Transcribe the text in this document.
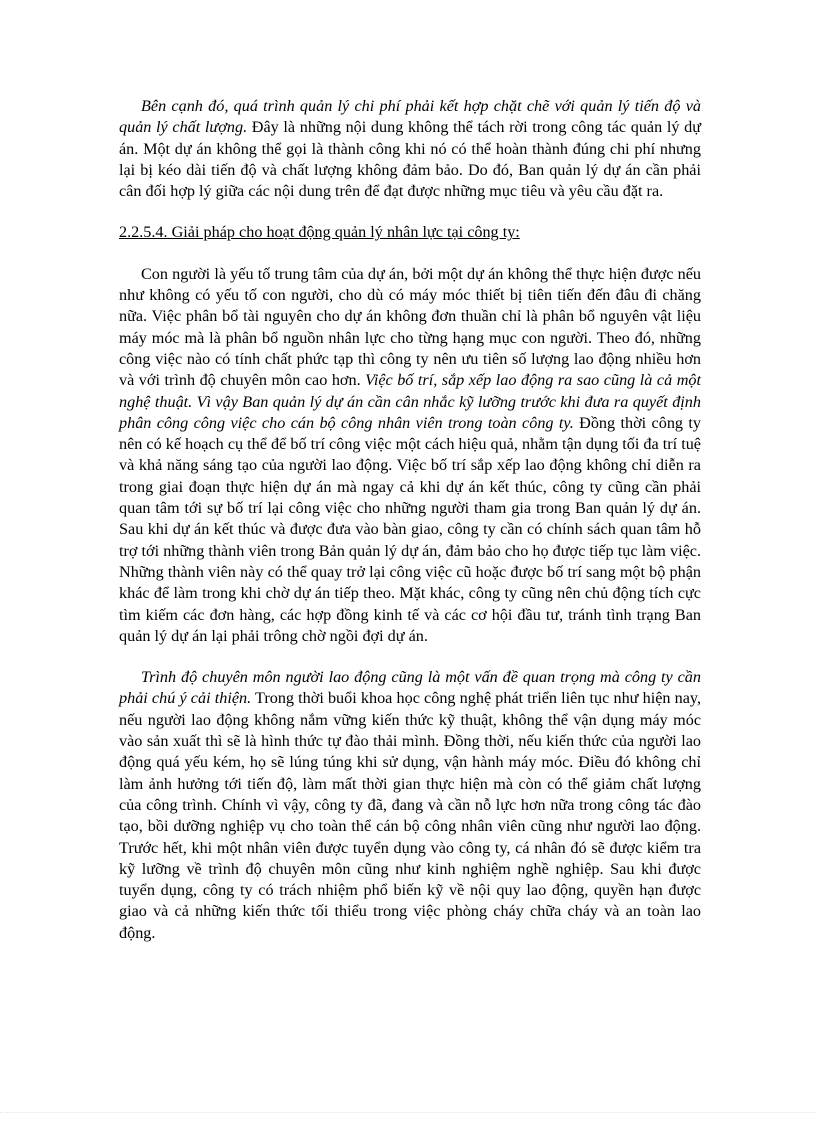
Bên cạnh đó, quá trình quản lý chi phí phải kết hợp chặt chẽ với quản lý tiến độ và quản lý chất lượng. Đây là những nội dung không thể tách rời trong công tác quản lý dự án. Một dự án không thể gọi là thành công khi nó có thể hoàn thành đúng chi phí nhưng lại bị kéo dài tiến độ và chất lượng không đảm bảo. Do đó, Ban quản lý dự án cần phải cân đối hợp lý giữa các nội dung trên để đạt được những mục tiêu và yêu cầu đặt ra.

2.2.5.4. Giải pháp cho hoạt động quản lý nhân lực tại công ty:

Con người là yếu tố trung tâm của dự án, bởi một dự án không thể thực hiện được nếu như không có yếu tố con người, cho dù có máy móc thiết bị tiên tiến đến đâu đi chăng nữa. Việc phân bổ tài nguyên cho dự án không đơn thuần chỉ là phân bổ nguyên vật liệu máy móc mà là phân bổ nguồn nhân lực cho từng hạng mục con người. Theo đó, những công việc nào có tính chất phức tạp thì công ty nên ưu tiên số lượng lao động nhiều hơn và với trình độ chuyên môn cao hơn. Việc bố trí, sắp xếp lao động ra sao cũng là cả một nghệ thuật. Vì vậy Ban quản lý dự án cần cân nhắc kỹ lưỡng trước khi đưa ra quyết định phân công công việc cho cán bộ công nhân viên trong toàn công ty. Đồng thời công ty nên có kế hoạch cụ thể để bố trí công việc một cách hiệu quả, nhằm tận dụng tối đa trí tuệ và khả năng sáng tạo của người lao động. Việc bố trí sắp xếp lao động không chỉ diễn ra trong giai đoạn thực hiện dự án mà ngay cả khi dự án kết thúc, công ty cũng cần phải quan tâm tới sự bố trí lại công việc cho những người tham gia trong Ban quản lý dự án. Sau khi dự án kết thúc và được đưa vào bàn giao, công ty cần có chính sách quan tâm hỗ trợ tới những thành viên trong Bản quản lý dự án, đảm bảo cho họ được tiếp tục làm việc. Những thành viên này có thể quay trở lại công việc cũ hoặc được bố trí sang một bộ phận khác để làm trong khi chờ dự án tiếp theo. Mặt khác, công ty cũng nên chủ động tích cực tìm kiếm các đơn hàng, các hợp đồng kinh tế và các cơ hội đầu tư, tránh tình trạng Ban quản lý dự án lại phải trông chờ ngồi đợi dự án.

Trình độ chuyên môn người lao động cũng là một vấn đề quan trọng mà công ty cần phải chú ý cải thiện. Trong thời buổi khoa học công nghệ phát triển liên tục như hiện nay, nếu người lao động không nắm vững kiến thức kỹ thuật, không thể vận dụng máy móc vào sản xuất thì sẽ là hình thức tự đào thải mình. Đồng thời, nếu kiến thức của người lao động quá yếu kém, họ sẽ lúng túng khi sử dụng, vận hành máy móc. Điều đó không chỉ làm ảnh hưởng tới tiến độ, làm mất thời gian thực hiện mà còn có thể giảm chất lượng của công trình. Chính vì vậy, công ty đã, đang và cần nỗ lực hơn nữa trong công tác đào tạo, bồi dưỡng nghiệp vụ cho toàn thể cán bộ công nhân viên cũng như người lao động. Trước hết, khi một nhân viên được tuyển dụng vào công ty, cá nhân đó sẽ được kiểm tra kỹ lưỡng về trình độ chuyên môn cũng như kinh nghiệm nghề nghiệp. Sau khi được tuyển dụng, công ty có trách nhiệm phổ biến kỹ về nội quy lao động, quyền hạn được giao và cả những kiến thức tối thiểu trong việc phòng cháy chữa cháy và an toàn lao động.
